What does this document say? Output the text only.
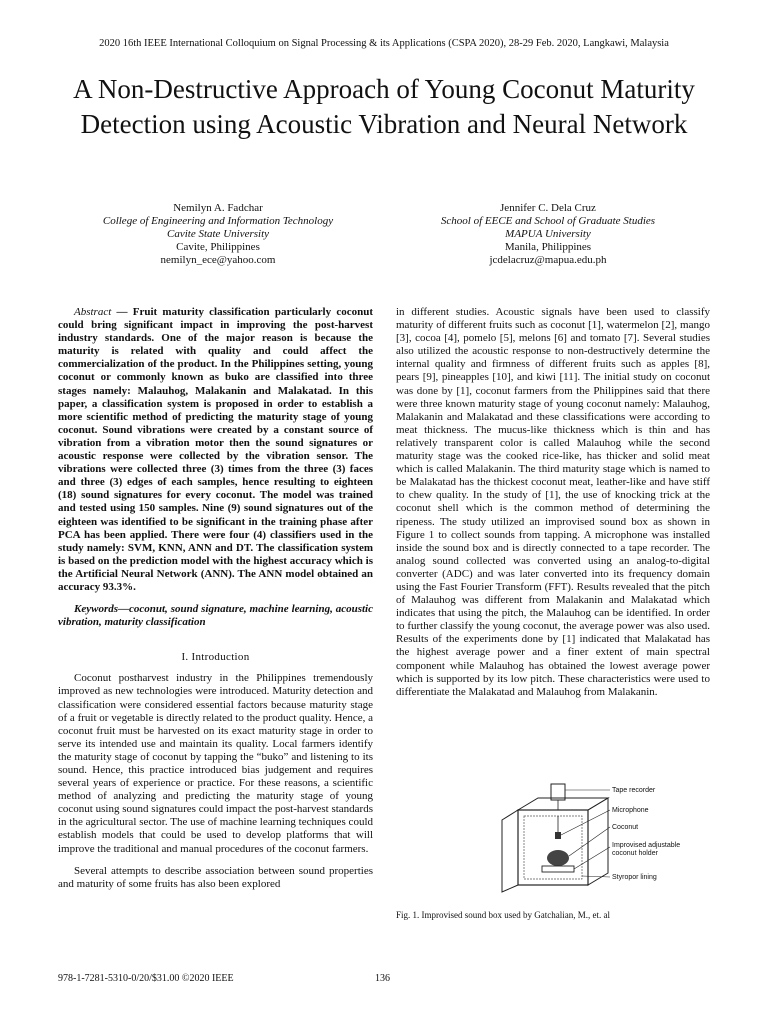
2020 16th IEEE International Colloquium on Signal Processing & its Applications (CSPA 2020), 28-29 Feb. 2020, Langkawi, Malaysia
A Non-Destructive Approach of Young Coconut Maturity Detection using Acoustic Vibration and Neural Network
Nemilyn A. Fadchar
College of Engineering and Information Technology
Cavite State University
Cavite, Philippines
nemilyn_ece@yahoo.com
Jennifer C. Dela Cruz
School of EECE and School of Graduate Studies
MAPUA University
Manila, Philippines
jcdelacruz@mapua.edu.ph

Abstract — Fruit maturity classification particularly coconut could bring significant impact in improving the post-harvest industry standards. One of the major reason is because the maturity is related with quality and could affect the commercialization of the product. In the Philippines setting, young coconut or commonly known as buko are classified into three stages namely: Malauhog, Malakanin and Malakatad. In this paper, a classification system is proposed in order to establish a more scientific method of predicting the maturity stage of young coconut. Sound vibrations were created by a constant source of vibration from a vibration motor then the sound signatures or acoustic response were collected by the vibration sensor. The vibrations were collected three (3) times from the three (3) faces and three (3) edges of each samples, hence resulting to eighteen (18) sound signatures for every coconut. The model was trained and tested using 150 samples. Nine (9) sound signatures out of the eighteen was identified to be significant in the training phase after PCA has been applied. There were four (4) classifiers used in the study namely: SVM, KNN, ANN and DT. The classification system is based on the prediction model with the highest accuracy which is the Artificial Neural Network (ANN). The ANN model obtained an accuracy 93.3%.

Keywords—coconut, sound signature, machine learning, acoustic vibration, maturity classification

I. Introduction

Coconut postharvest industry in the Philippines tremendously improved as new technologies were introduced. Maturity detection and classification were considered essential factors because maturity stage of a fruit or vegetable is directly related to the product quality. Hence, a coconut fruit must be harvested on its exact maturity stage in order to serve its intended use and maintain its quality. Local farmers identify the maturity stage of coconut by tapping the “buko” and listening to its sound. Hence, this practice introduced bias judgement and requires several years of experience or practice. For these reasons, a scientific method of analyzing and predicting the maturity stage of young coconut using sound signatures could impact the post-harvest standards in the agricultural sector. The use of machine learning techniques could establish models that could be used to develop platforms that will improve the traditional and manual procedures of the coconut farmers.

Several attempts to describe association between sound properties and maturity of some fruits has also been explored

in different studies. Acoustic signals have been used to classify maturity of different fruits such as coconut [1], watermelon [2], mango [3], cocoa [4], pomelo [5], melons [6] and tomato [7]. Several studies also utilized the acoustic response to non-destructively determine the internal quality and firmness of different fruits such as apples [8], pears [9], pineapples [10], and kiwi [11]. The initial study on coconut was done by [1], coconut farmers from the Philippines said that there were three known maturity stage of young coconut namely: Malauhog, Malakanin and Malakatad and these classifications were according to meat thickness. The mucus-like thickness which is thin and has relatively transparent color is called Malauhog while the second maturity stage was the cooked rice-like, has thicker and solid meat which is called Malakanin. The third maturity stage which is named to be Malakatad has the thickest coconut meat, leather-like and have stiff to chew quality. In the study of [1], the use of knocking trick at the coconut shell which is the common method of determining the ripeness. The study utilized an improvised sound box as shown in Figure 1 to collect sounds from tapping. A microphone was installed inside the sound box and is directly connected to a tape recorder. The analog sound collected was converted using an analog-to-digital converter (ADC) and was later converted into its frequency domain using the Fast Fourier Transform (FFT). Results revealed that the pitch of Malauhog was different from Malakanin and Malakatad which indicates that using the pitch, the Malauhog can be identified. In order to further classify the young coconut, the average power was also used. Results of the experiments done by [1] indicated that Malakatad has the highest average power and a finer extent of main spectral component while Malauhog has obtained the lowest average power which is supported by its low pitch. These characteristics were used to differentiate the Malakatad and Malauhog from Malakanin.

Tape recorder
Microphone
Coconut
Improvised adjustable
coconut holder
Styropor lining
Fig. 1. Improvised sound box used by Gatchalian, M., et. al
978-1-7281-5310-0/20/$31.00 ©2020 IEEE	136
